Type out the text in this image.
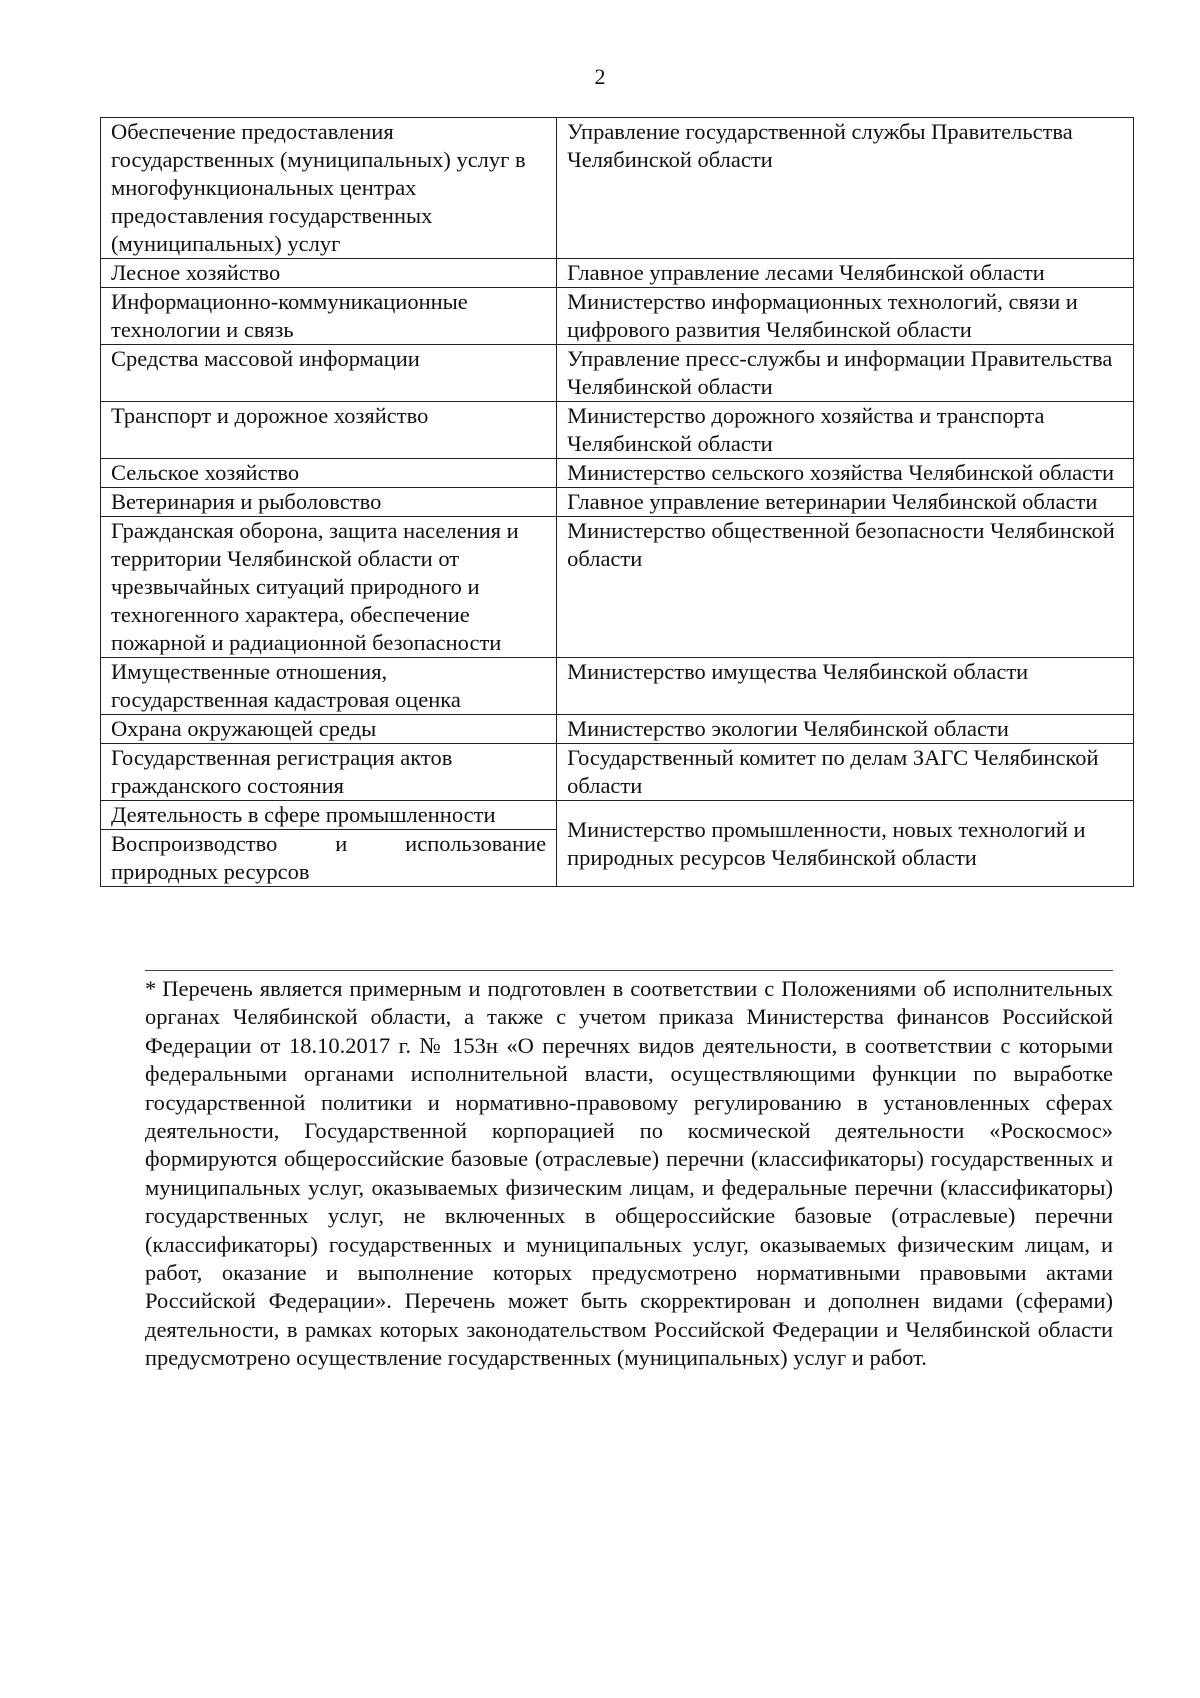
2
Обеспечение предоставления государственных (муниципальных) услуг в многофункциональных центрах предоставления государственных (муниципальных) услуг	Управление государственной службы Правительства Челябинской области
Лесное хозяйство	Главное управление лесами Челябинской области
Информационно-коммуникационные технологии и связь	Министерство информационных технологий, связи и цифрового развития Челябинской области
Средства массовой информации	Управление пресс-службы и информации Правительства Челябинской области
Транспорт и дорожное хозяйство	Министерство дорожного хозяйства и транспорта Челябинской области
Сельское хозяйство	Министерство сельского хозяйства Челябинской области
Ветеринария и рыболовство	Главное управление ветеринарии Челябинской области
Гражданская оборона, защита населения и территории Челябинской области от чрезвычайных ситуаций природного и техногенного характера, обеспечение пожарной и радиационной безопасности	Министерство общественной безопасности Челябинской области
Имущественные отношения, государственная кадастровая оценка	Министерство имущества Челябинской области
Охрана окружающей среды	Министерство экологии Челябинской области
Государственная регистрация актов гражданского состояния	Государственный комитет по делам ЗАГС Челябинской области
Деятельность в сфере промышленности	Министерство промышленности, новых технологий и природных ресурсов Челябинской области
Воспроизводство и использование природных ресурсов	

* Перечень является примерным и подготовлен в соответствии с Положениями об исполнительных органах Челябинской области, а также с учетом приказа Министерства финансов Российской Федерации от 18.10.2017 г. № 153н «О перечнях видов деятельности, в соответствии с которыми федеральными органами исполнительной власти, осуществляющими функции по выработке государственной политики и нормативно-правовому регулированию в установленных сферах деятельности, Государственной корпорацией по космической деятельности «Роскосмос» формируются общероссийские базовые (отраслевые) перечни (классификаторы) государственных и муниципальных услуг, оказываемых физическим лицам, и федеральные перечни (классификаторы) государственных услуг, не включенных в общероссийские базовые (отраслевые) перечни (классификаторы) государственных и муниципальных услуг, оказываемых физическим лицам, и работ, оказание и выполнение которых предусмотрено нормативными правовыми актами Российской Федерации». Перечень может быть скорректирован и дополнен видами (сферами) деятельности, в рамках которых законодательством Российской Федерации и Челябинской области предусмотрено осуществление государственных (муниципальных) услуг и работ.
